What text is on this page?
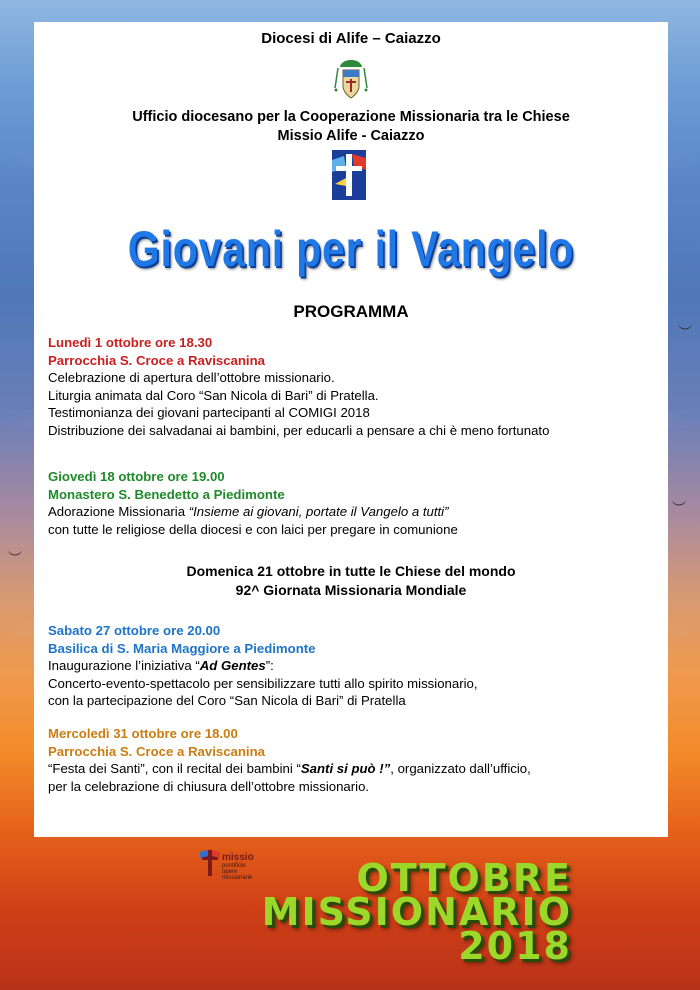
︶
︶
︶
Diocesi di Alife – Caiazzo
Ufficio diocesano per la Cooperazione Missionaria tra le Chiese
Missio Alife - Caiazzo
Giovani per il Vangelo
PROGRAMMA
Lunedì 1 ottobre ore 18.30
Parrocchia S. Croce a Raviscanina
Celebrazione di apertura dell’ottobre missionario.
Liturgia animata dal Coro “San Nicola di Bari” di Pratella.
Testimonianza dei giovani partecipanti al COMIGI 2018
Distribuzione dei salvadanai ai bambini, per educarli a pensare a chi è meno fortunato
Giovedì 18 ottobre ore 19.00
Monastero S. Benedetto a Piedimonte
Adorazione Missionaria “Insieme ai giovani, portate il Vangelo a tutti”
con tutte le religiose della diocesi e con laici per pregare in comunione
Domenica 21 ottobre in tutte le Chiese del mondo
92^ Giornata Missionaria Mondiale
Sabato 27 ottobre ore 20.00
Basilica di S. Maria Maggiore a Piedimonte
Inaugurazione l’iniziativa “Ad Gentes”:
Concerto-evento-spettacolo per sensibilizzare tutti allo spirito missionario,
con la partecipazione del Coro “San Nicola di Bari” di Pratella
Mercoledì 31 ottobre ore 18.00
Parrocchia S. Croce a Raviscanina
“Festa dei Santi”, con il recital dei bambini “Santi si può !”, organizzato dall’ufficio,
per la celebrazione di chiusura dell’ottobre missionario.
missio
pontificie
opere
missionarie	OTTOBRE
MISSIONARIO
2018
